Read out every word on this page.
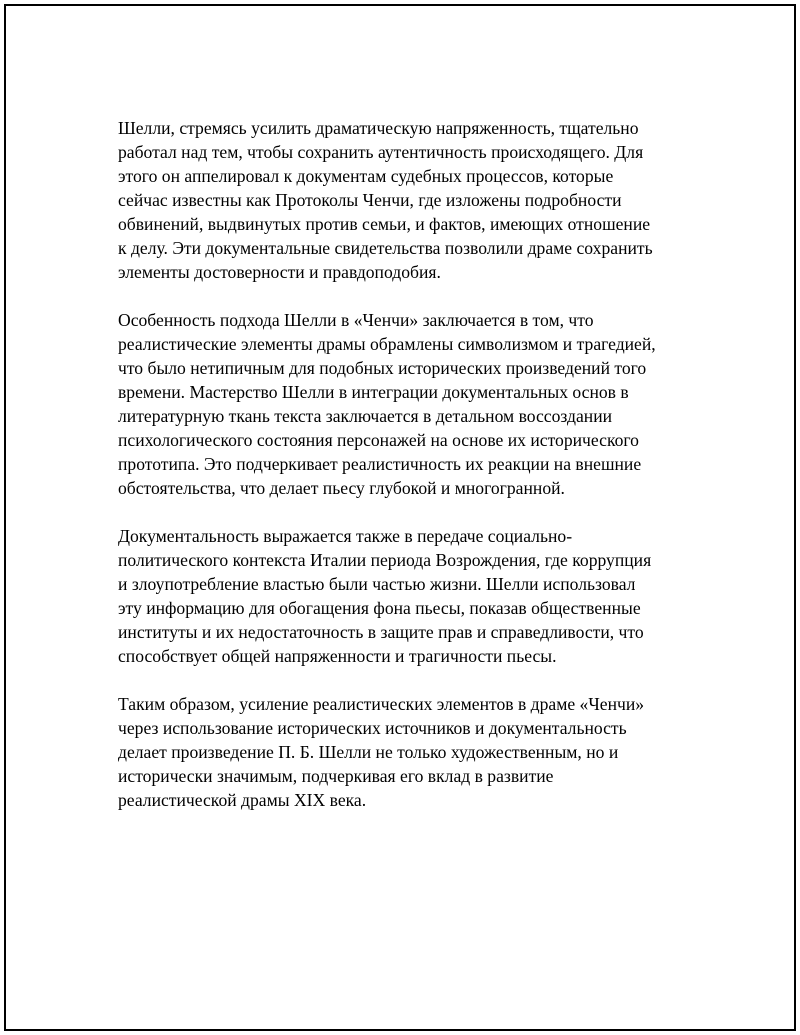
Шелли, стремясь усилить драматическую напряженность, тщательно
работал над тем, чтобы сохранить аутентичность происходящего. Для
этого он аппелировал к документам судебных процессов, которые
сейчас известны как Протоколы Ченчи, где изложены подробности
обвинений, выдвинутых против семьи, и фактов, имеющих отношение
к делу. Эти документальные свидетельства позволили драме сохранить
элементы достоверности и правдоподобия.

Особенность подхода Шелли в «Ченчи» заключается в том, что
реалистические элементы драмы обрамлены символизмом и трагедией,
что было нетипичным для подобных исторических произведений того
времени. Мастерство Шелли в интеграции документальных основ в
литературную ткань текста заключается в детальном воссоздании
психологического состояния персонажей на основе их исторического
прототипа. Это подчеркивает реалистичность их реакции на внешние
обстоятельства, что делает пьесу глубокой и многогранной.

Документальность выражается также в передаче социально-
политического контекста Италии периода Возрождения, где коррупция
и злоупотребление властью были частью жизни. Шелли использовал
эту информацию для обогащения фона пьесы, показав общественные
институты и их недостаточность в защите прав и справедливости, что
способствует общей напряженности и трагичности пьесы.

Таким образом, усиление реалистических элементов в драме «Ченчи»
через использование исторических источников и документальность
делает произведение П. Б. Шелли не только художественным, но и
исторически значимым, подчеркивая его вклад в развитие
реалистической драмы XIX века.
